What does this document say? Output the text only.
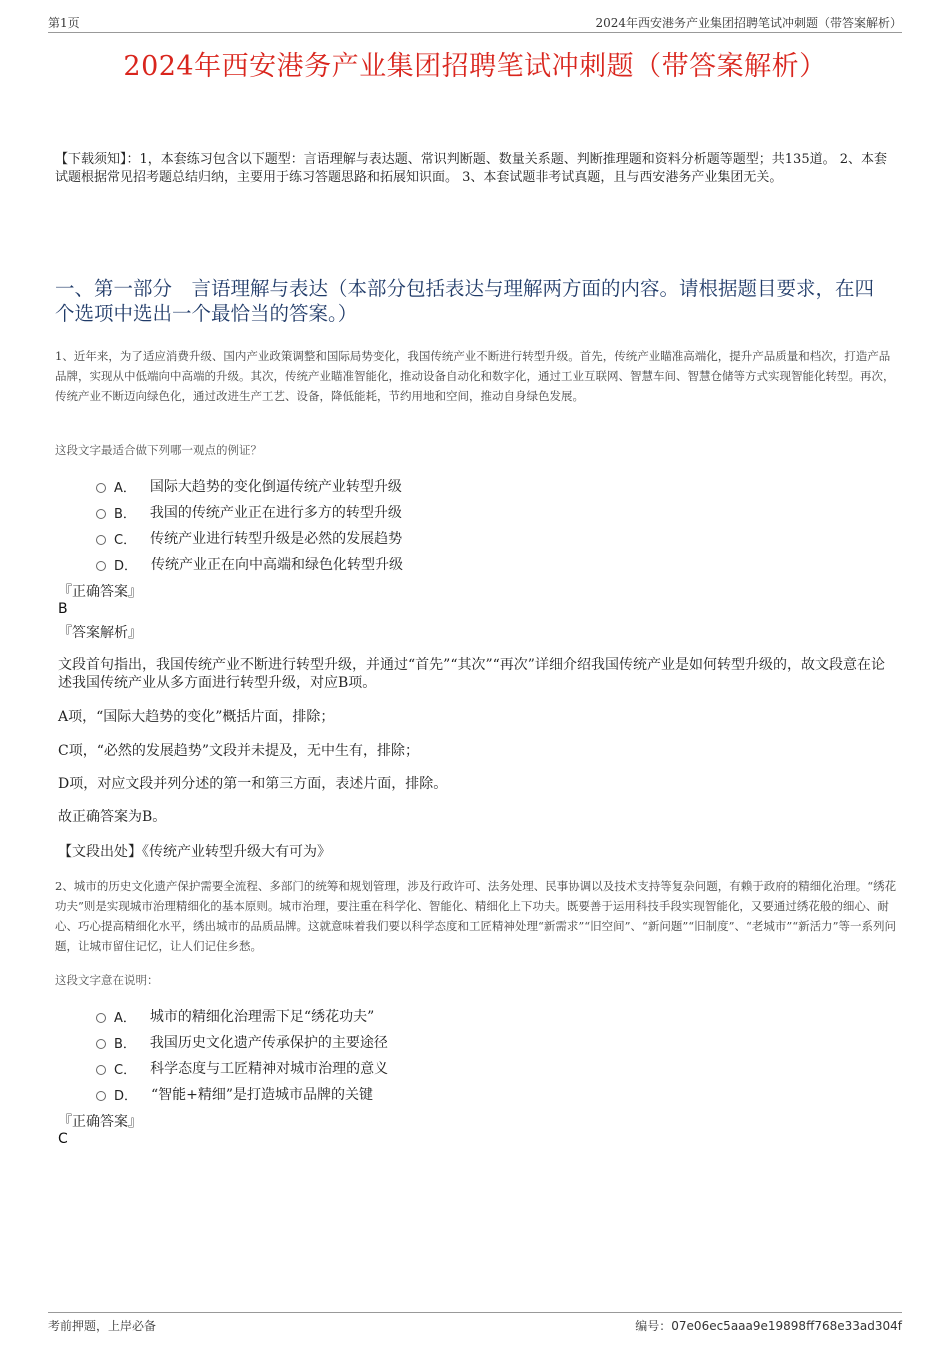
第1页	2024年西安港务产业集团招聘笔试冲刺题（带答案解析）
2024年西安港务产业集团招聘笔试冲刺题（带答案解析）
【下载须知】：1，本套练习包含以下题型：言语理解与表达题、常识判断题、数量关系题、判断推理题和资料分析题等题型；共135道。 2、本套试题根据常见招考题总结归纳，主要用于练习答题思路和拓展知识面。 3、本套试题非考试真题，且与西安港务产业集团无关。
一、第一部分　言语理解与表达（本部分包括表达与理解两方面的内容。请根据题目要求，在四个选项中选出一个最恰当的答案。）
1、近年来，为了适应消费升级、国内产业政策调整和国际局势变化，我国传统产业不断进行转型升级。首先，传统产业瞄准高端化，提升产品质量和档次，打造产品品牌，实现从中低端向中高端的升级。其次，传统产业瞄准智能化，推动设备自动化和数字化，通过工业互联网、智慧车间、智慧仓储等方式实现智能化转型。再次，传统产业不断迈向绿色化，通过改进生产工艺、设备，降低能耗，节约用地和空间，推动自身绿色发展。
这段文字最适合做下列哪一观点的例证？
A． 国际大趋势的变化倒逼传统产业转型升级
B． 我国的传统产业正在进行多方的转型升级
C． 传统产业进行转型升级是必然的发展趋势
D． 传统产业正在向中高端和绿色化转型升级
『正确答案』
B
『答案解析』
文段首句指出，我国传统产业不断进行转型升级，并通过“首先”“其次”“再次”详细介绍我国传统产业是如何转型升级的，故文段意在论述我国传统产业从多方面进行转型升级，对应B项。
A项，“国际大趋势的变化”概括片面，排除；
C项，“必然的发展趋势”文段并未提及，无中生有，排除；
D项，对应文段并列分述的第一和第三方面，表述片面，排除。
故正确答案为B。
【文段出处】《传统产业转型升级大有可为》
2、城市的历史文化遗产保护需要全流程、多部门的统筹和规划管理，涉及行政许可、法务处理、民事协调以及技术支持等复杂问题，有赖于政府的精细化治理。“绣花功夫”则是实现城市治理精细化的基本原则。城市治理，要注重在科学化、智能化、精细化上下功夫。既要善于运用科技手段实现智能化，又要通过绣花般的细心、耐心、巧心提高精细化水平，绣出城市的品质品牌。这就意味着我们要以科学态度和工匠精神处理“新需求”“旧空间”、“新问题”“旧制度”、“老城市”“新活力”等一系列问题，让城市留住记忆，让人们记住乡愁。
这段文字意在说明：
A． 城市的精细化治理需下足“绣花功夫”
B． 我国历史文化遗产传承保护的主要途径
C． 科学态度与工匠精神对城市治理的意义
D． “智能+精细”是打造城市品牌的关键
『正确答案』
C
考前押题，上岸必备	编号：07e06ec5aaa9e19898ff768e33ad304f
